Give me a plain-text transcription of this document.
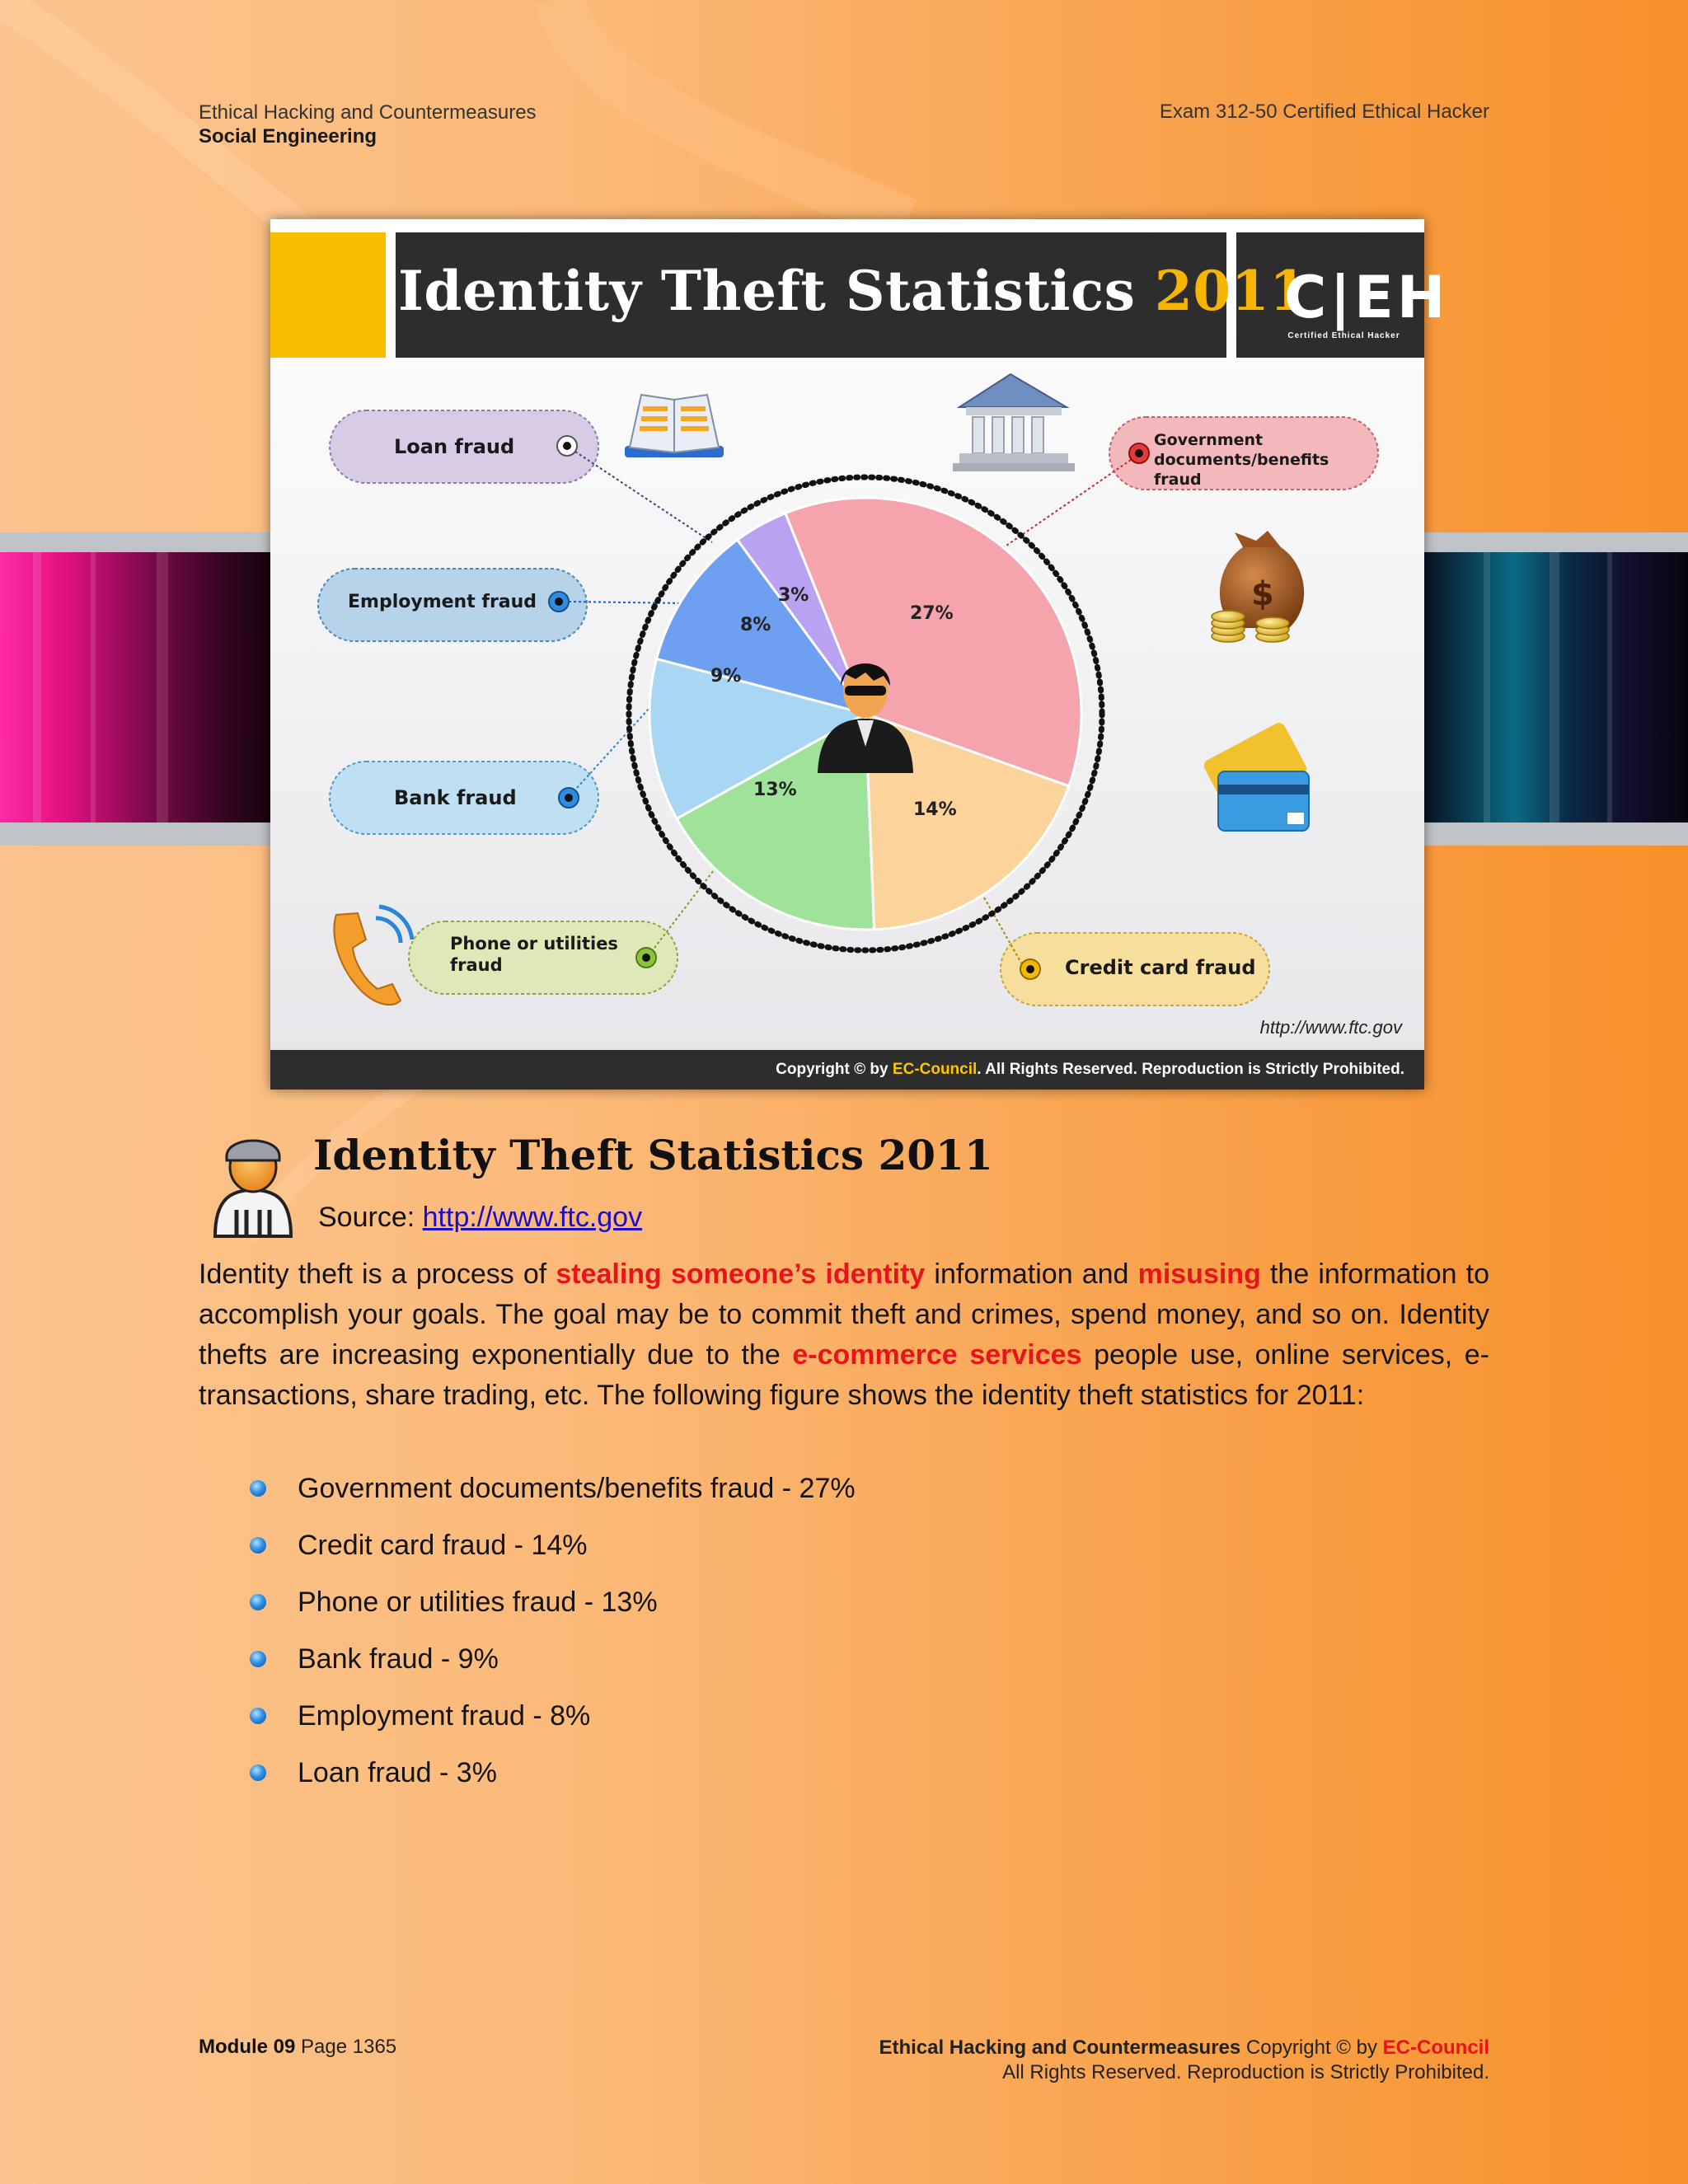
Ethical Hacking and Countermeasures
Social Engineering
Exam 312-50 Certified Ethical Hacker
$
Identity Theft Statistics 2011
C|EH
Certified Ethical Hacker
Loan fraud
Employment fraud
Bank fraud
Phone or utilities fraud
Government documents/benefits fraud
Credit card fraud
27%
14%
13%
9%
8%
3%
http://www.ftc.gov
Copyright © by EC-Council. All Rights Reserved. Reproduction is Strictly Prohibited.
Identity Theft Statistics 2011
Source: http://www.ftc.gov
Identity theft is a process of stealing someone’s identity information and misusing the information to accomplish your goals. The goal may be to commit theft and crimes, spend money, and so on. Identity thefts are increasing exponentially due to the e-commerce services people use, online services, e-transactions, share trading, etc. The following figure shows the identity theft statistics for 2011:
Government documents/benefits fraud - 27%
Credit card fraud - 14%
Phone or utilities fraud - 13%
Bank fraud - 9%
Employment fraud - 8%
Loan fraud - 3%
Module 09 Page 1365	Ethical Hacking and Countermeasures Copyright © by EC-Council
All Rights Reserved. Reproduction is Strictly Prohibited.
